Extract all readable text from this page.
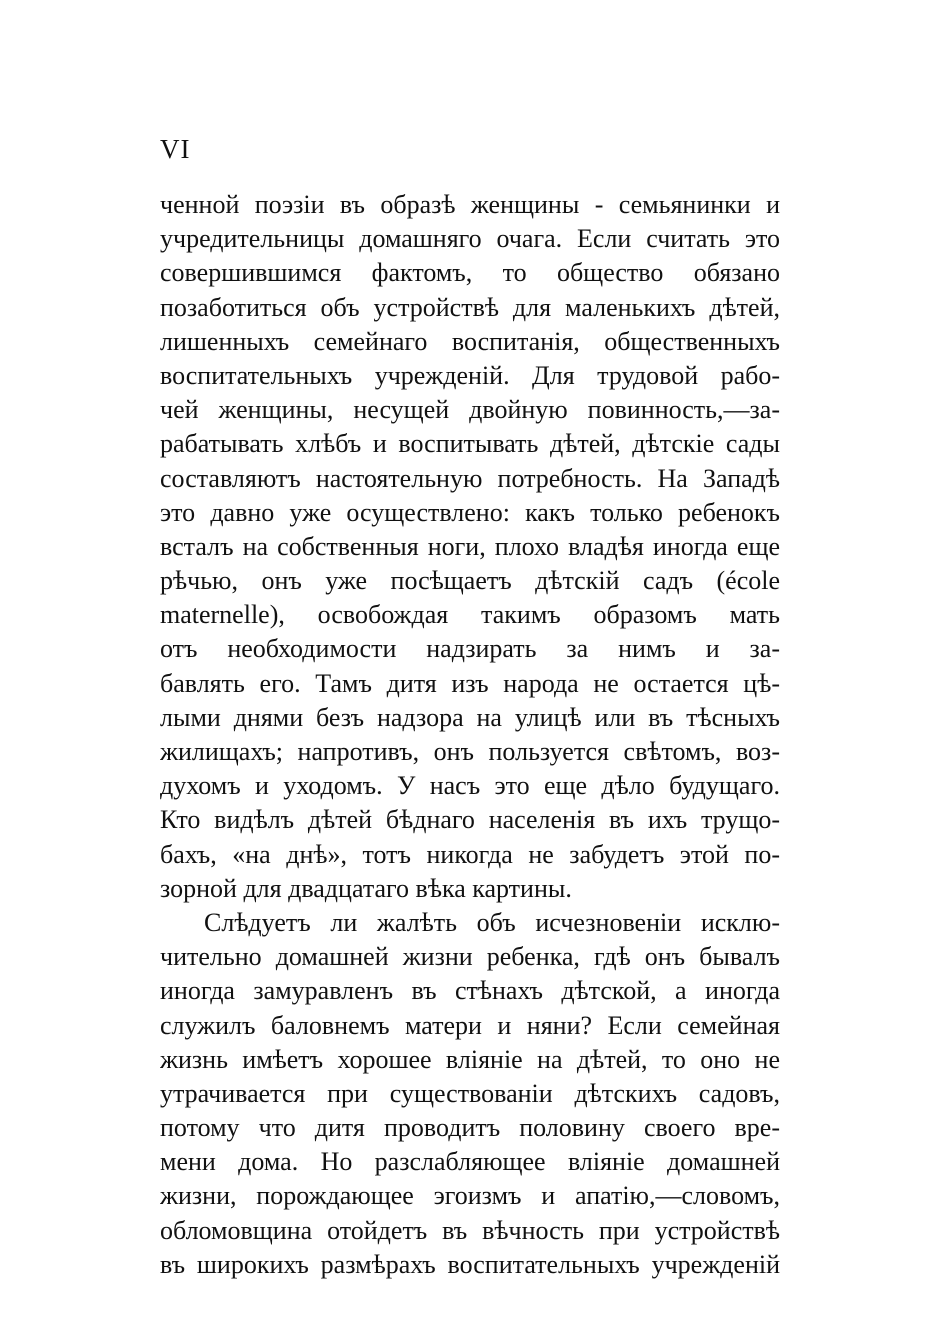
VI
ченной поэзіи въ образѣ женщины - семьянинки и
учредительницы домашняго очага. Если считать это
совершившимся фактомъ, то общество обязано
позаботиться объ устройствѣ для маленькихъ дѣтей,
лишенныхъ семейнаго воспитанія, общественныхъ
воспитательныхъ учрежденій. Для трудовой рабо-
чей женщины, несущей двойную повинность,—за-
рабатывать хлѣбъ и воспитывать дѣтей, дѣтскіе сады
составляютъ настоятельную потребность. На Западѣ
это давно уже осуществлено: какъ только ребенокъ
всталъ на собственныя ноги, плохо владѣя иногда еще
рѣчью, онъ уже посѣщаетъ дѣтскій садъ (école
maternelle), освобождая такимъ образомъ мать
отъ необходимости надзирать за нимъ и за-
бавлять его. Тамъ дитя изъ народа не остается цѣ-
лыми днями безъ надзора на улицѣ или въ тѣсныхъ
жилищахъ; напротивъ, онъ пользуется свѣтомъ, воз-
духомъ и уходомъ. У насъ это еще дѣло будущаго.
Кто видѣлъ дѣтей бѣднаго населенія въ ихъ трущо-
бахъ, «на днѣ», тотъ никогда не забудетъ этой по-
зорной для двадцатаго вѣка картины.
Слѣдуетъ ли жалѣть объ исчезновеніи исклю-
чительно домашней жизни ребенка, гдѣ онъ бывалъ
иногда замуравленъ въ стѣнахъ дѣтской, а иногда
служилъ баловнемъ матери и няни? Если семейная
жизнь имѣетъ хорошее вліяніе на дѣтей, то оно не
утрачивается при существованіи дѣтскихъ садовъ,
потому что дитя проводитъ половину своего вре-
мени дома. Но разслабляющее вліяніе домашней
жизни, порождающее эгоизмъ и апатію,—словомъ,
обломовщина отойдетъ въ вѣчность при устройствѣ
въ широкихъ размѣрахъ воспитательныхъ учрежденій
